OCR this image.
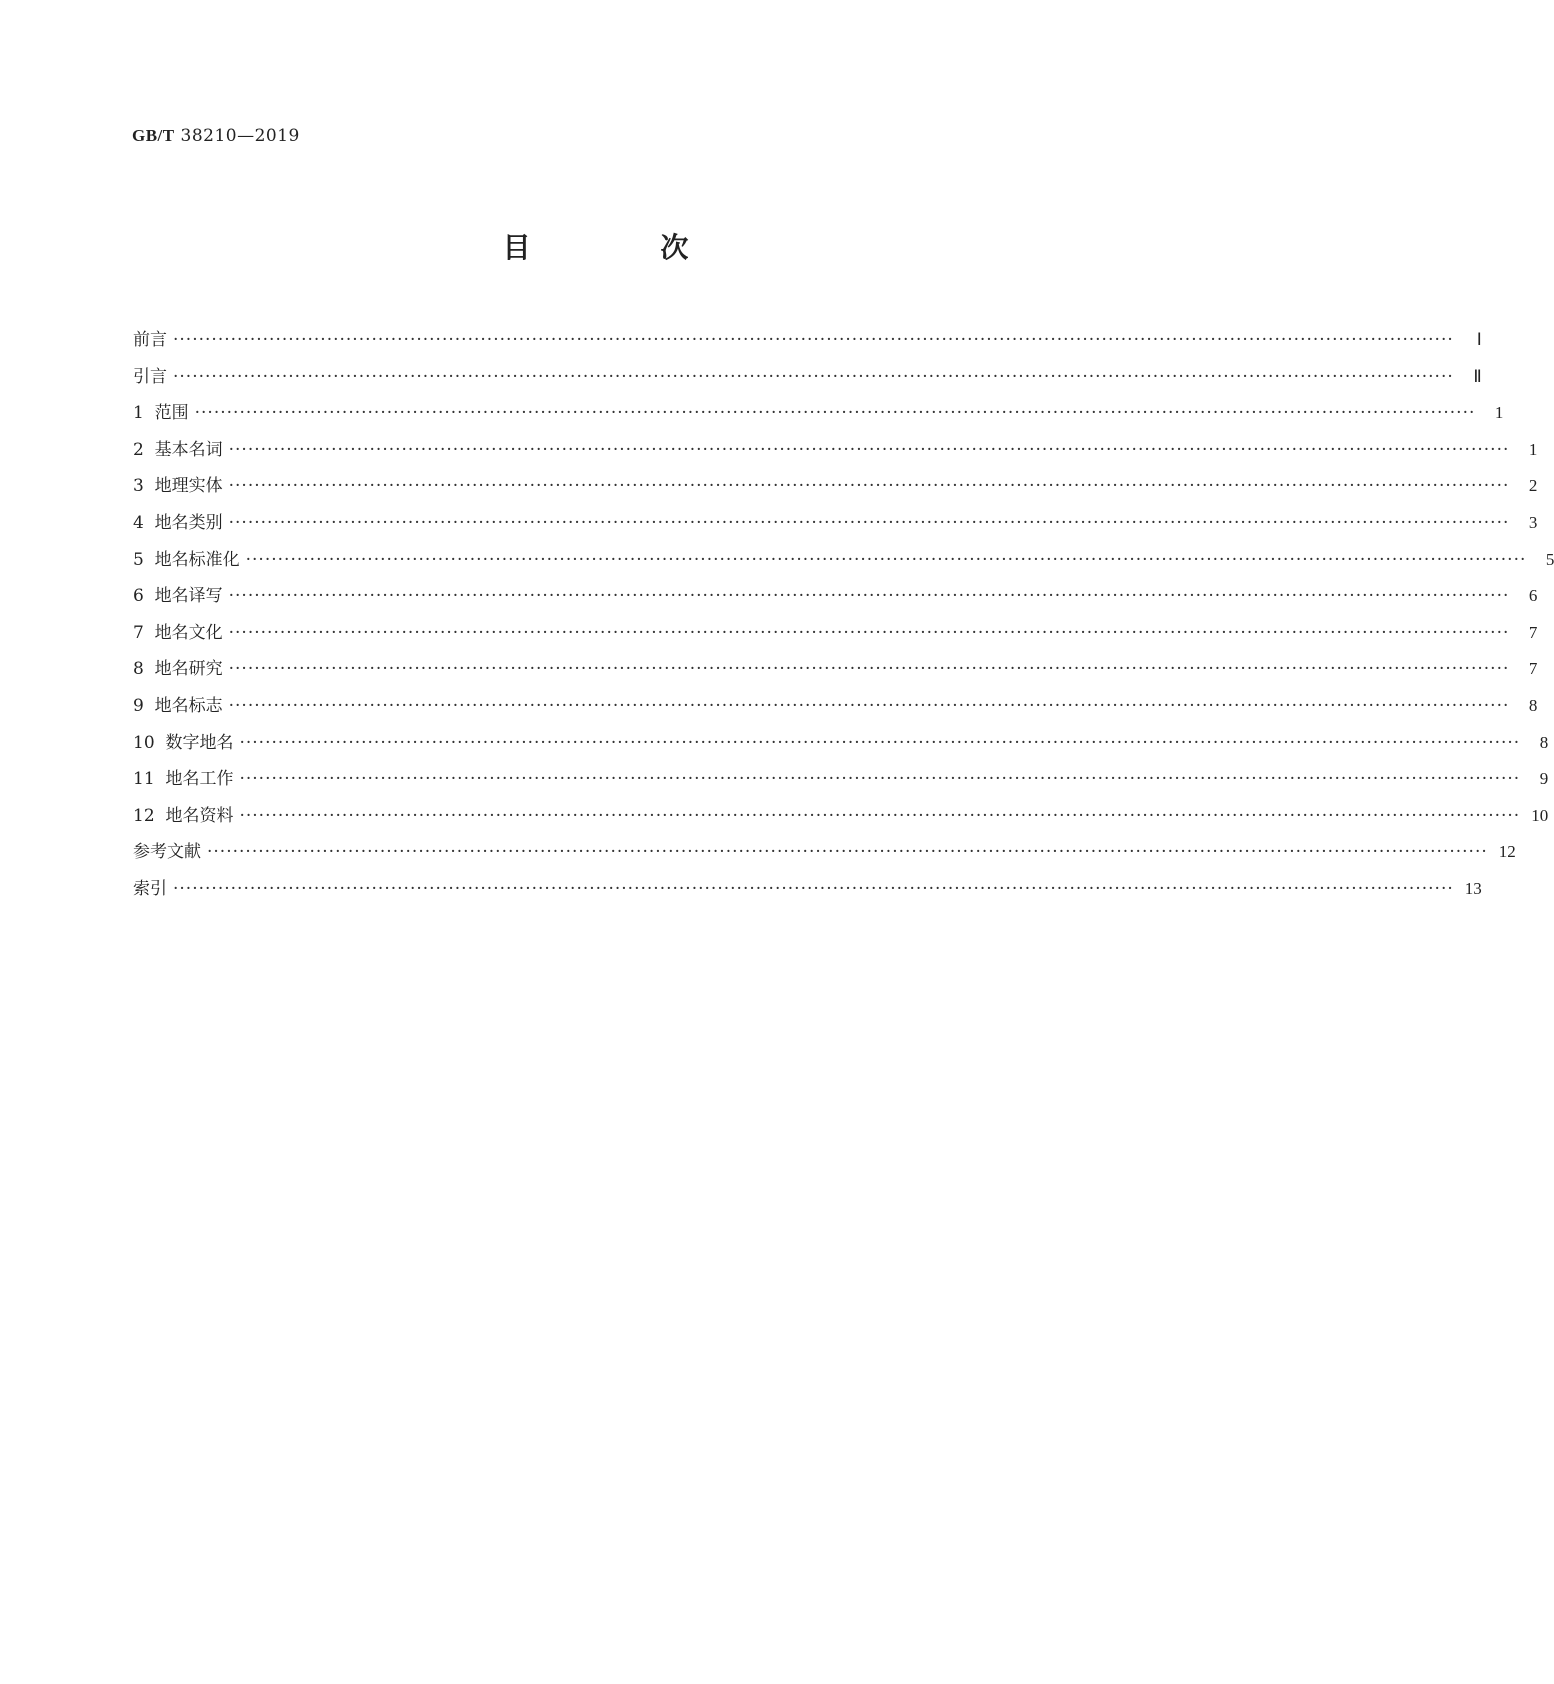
GB/T 38210—2019
目 次
前言 ········································································································································································································	Ⅰ
引言 ········································································································································································································	Ⅱ
1  范围 ········································································································································································································	1
2  基本名词 ········································································································································································································	1
3  地理实体 ········································································································································································································	2
4  地名类别 ········································································································································································································	3
5  地名标准化 ········································································································································································································	5
6  地名译写 ········································································································································································································	6
7  地名文化 ········································································································································································································	7
8  地名研究 ········································································································································································································	7
9  地名标志 ········································································································································································································	8
10  数字地名 ········································································································································································································	8
11  地名工作 ········································································································································································································	9
12  地名资料 ········································································································································································································ 10
参考文献 ········································································································································································································ 12
索引 ········································································································································································································ 13
